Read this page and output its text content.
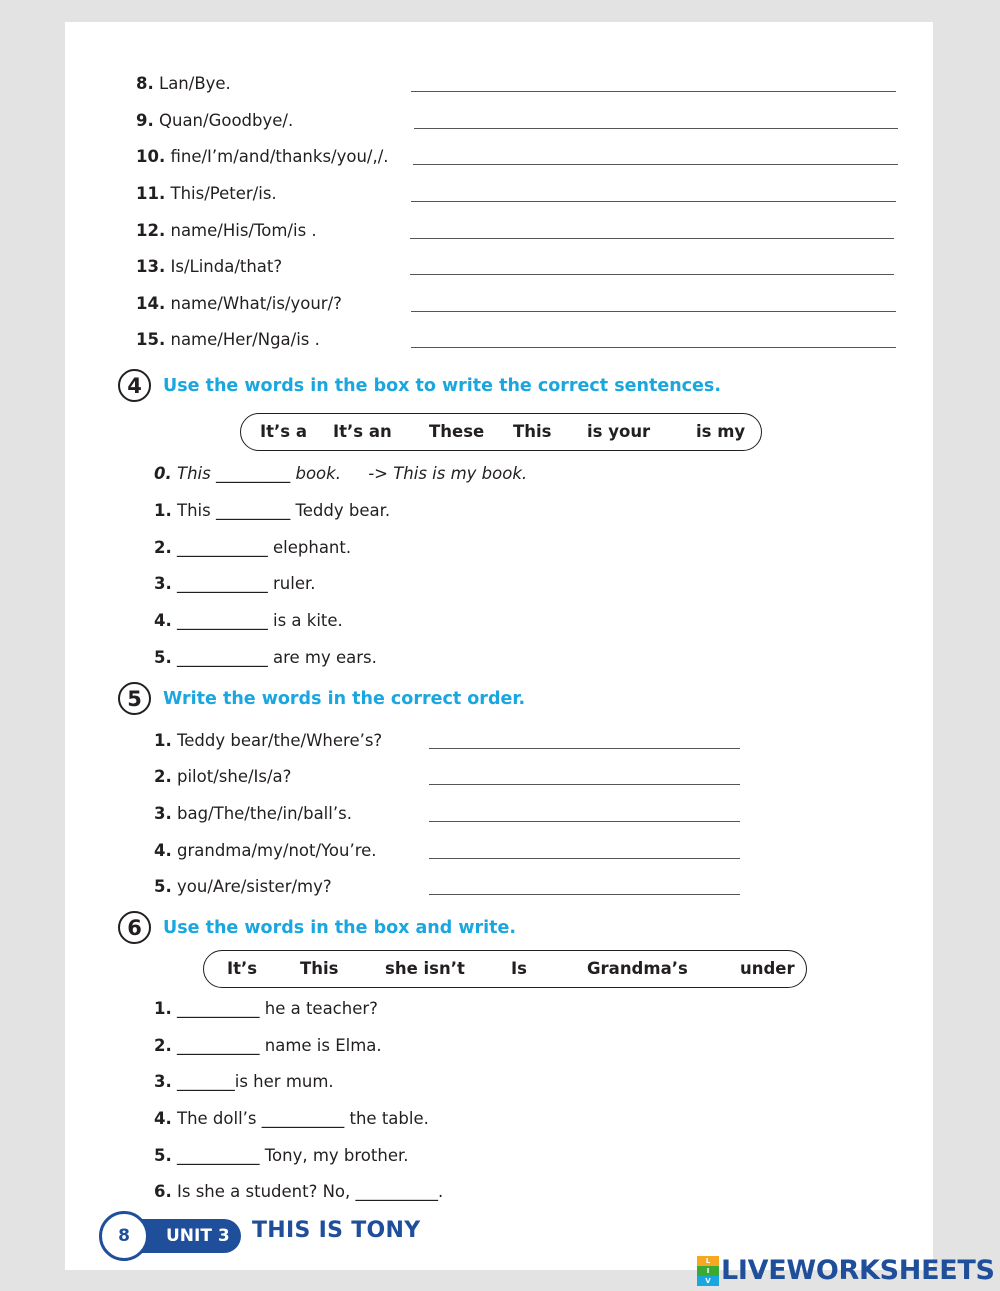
8. Lan/Bye.
9. Quan/Goodbye/.
10. fine/I’m/and/thanks/you/,/.
11. This/Peter/is.
12. name/His/Tom/is .
13. Is/Linda/that?
14. name/What/is/your/?
15. name/Her/Nga/is .
4	Use the words in the box to write the correct sentences.
It’s a It’s an These This is your	is my
0. This _________ book. -> This is my book.
1. This _________ Teddy bear.
2. ___________ elephant.
3. ___________ ruler.
4. ___________ is a kite.
5. ___________ are my ears.
5	Write the words in the correct order.
1. Teddy bear/the/Where’s?
2. pilot/she/Is/a?
3. bag/The/the/in/ball’s.
4. grandma/my/not/You’re.
5. you/Are/sister/my?
6	Use the words in the box and write.
It’s	This	she isn’t	Is	Grandma’s	under
1. __________ he a teacher?
2. __________ name is Elma.
3. _______is her mum.
4. The doll’s __________ the table.
5. __________ Tony, my brother.
6. Is she a student? No, __________.
8	UNIT 3	THIS IS TONY
L
I
V LIVEWORKSHEETS
